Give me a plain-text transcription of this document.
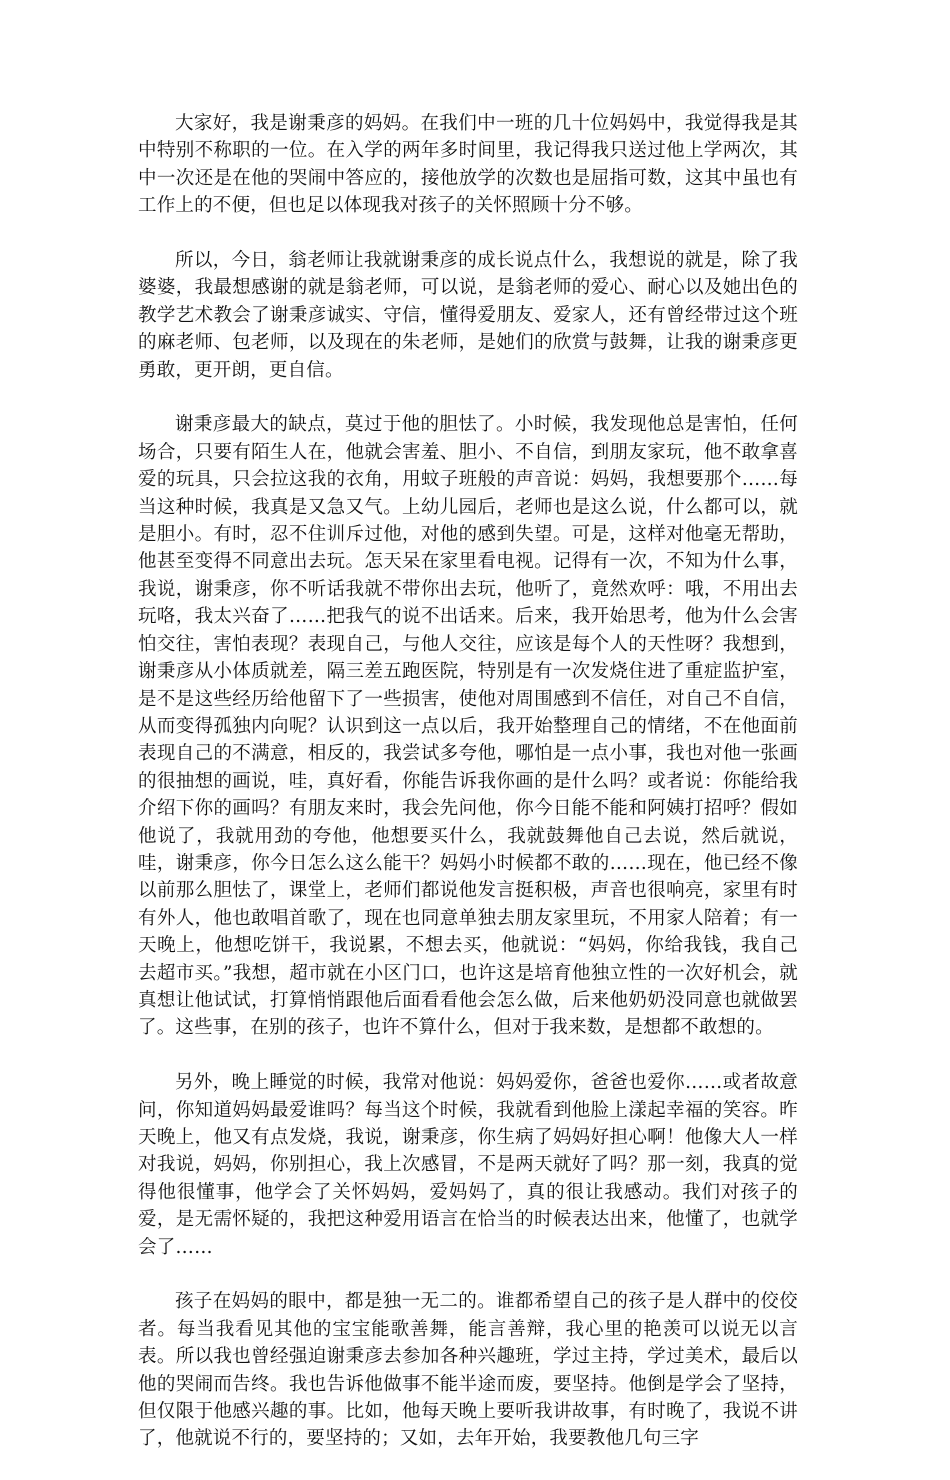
大家好，我是谢秉彦的妈妈。在我们中一班的几十位妈妈中，我觉得我是其中特别不称职的一位。在入学的两年多时间里，我记得我只送过他上学两次，其中一次还是在他的哭闹中答应的，接他放学的次数也是屈指可数，这其中虽也有工作上的不便，但也足以体现我对孩子的关怀照顾十分不够。

所以，今日，翁老师让我就谢秉彦的成长说点什么，我想说的就是，除了我婆婆，我最想感谢的就是翁老师，可以说，是翁老师的爱心、耐心以及她出色的教学艺术教会了谢秉彦诚实、守信，懂得爱朋友、爱家人，还有曾经带过这个班的麻老师、包老师，以及现在的朱老师，是她们的欣赏与鼓舞，让我的谢秉彦更勇敢，更开朗，更自信。

谢秉彦最大的缺点，莫过于他的胆怯了。小时候，我发现他总是害怕，任何场合，只要有陌生人在，他就会害羞、胆小、不自信，到朋友家玩，他不敢拿喜爱的玩具，只会拉这我的衣角，用蚊子班般的声音说：妈妈，我想要那个……每当这种时候，我真是又急又气。上幼儿园后，老师也是这么说，什么都可以，就是胆小。有时，忍不住训斥过他，对他的感到失望。可是，这样对他毫无帮助，他甚至变得不同意出去玩。怎天呆在家里看电视。记得有一次，不知为什么事，我说，谢秉彦，你不听话我就不带你出去玩，他听了，竟然欢呼：哦，不用出去玩咯，我太兴奋了……把我气的说不出话来。后来，我开始思考，他为什么会害怕交往，害怕表现？表现自己，与他人交往，应该是每个人的天性呀？我想到，谢秉彦从小体质就差，隔三差五跑医院，特别是有一次发烧住进了重症监护室，是不是这些经历给他留下了一些损害，使他对周围感到不信任，对自己不自信，从而变得孤独内向呢？认识到这一点以后，我开始整理自己的情绪，不在他面前表现自己的不满意，相反的，我尝试多夸他，哪怕是一点小事，我也对他一张画的很抽想的画说，哇，真好看，你能告诉我你画的是什么吗？或者说：你能给我介绍下你的画吗？有朋友来时，我会先问他，你今日能不能和阿姨打招呼？假如他说了，我就用劲的夸他，他想要买什么，我就鼓舞他自己去说，然后就说，哇，谢秉彦，你今日怎么这么能干？妈妈小时候都不敢的……现在，他已经不像以前那么胆怯了，课堂上，老师们都说他发言挺积极，声音也很响亮，家里有时有外人，他也敢唱首歌了，现在也同意单独去朋友家里玩，不用家人陪着；有一天晚上，他想吃饼干，我说累，不想去买，他就说：“妈妈，你给我钱，我自己去超市买。”我想，超市就在小区门口，也许这是培育他独立性的一次好机会，就真想让他试试，打算悄悄跟他后面看看他会怎么做，后来他奶奶没同意也就做罢了。这些事，在别的孩子，也许不算什么，但对于我来数，是想都不敢想的。

另外，晚上睡觉的时候，我常对他说：妈妈爱你，爸爸也爱你……或者故意问，你知道妈妈最爱谁吗？每当这个时候，我就看到他脸上漾起幸福的笑容。昨天晚上，他又有点发烧，我说，谢秉彦，你生病了妈妈好担心啊！他像大人一样对我说，妈妈，你别担心，我上次感冒，不是两天就好了吗？那一刻，我真的觉得他很懂事，他学会了关怀妈妈，爱妈妈了，真的很让我感动。我们对孩子的爱，是无需怀疑的，我把这种爱用语言在恰当的时候表达出来，他懂了，也就学会了……

孩子在妈妈的眼中，都是独一无二的。谁都希望自己的孩子是人群中的佼佼者。每当我看见其他的宝宝能歌善舞，能言善辩，我心里的艳羡可以说无以言表。所以我也曾经强迫谢秉彦去参加各种兴趣班，学过主持，学过美术，最后以他的哭闹而告终。我也告诉他做事不能半途而废，要坚持。他倒是学会了坚持，但仅限于他感兴趣的事。比如，他每天晚上要听我讲故事，有时晚了，我说不讲了，他就说不行的，要坚持的；又如，去年开始，我要教他几句三字
